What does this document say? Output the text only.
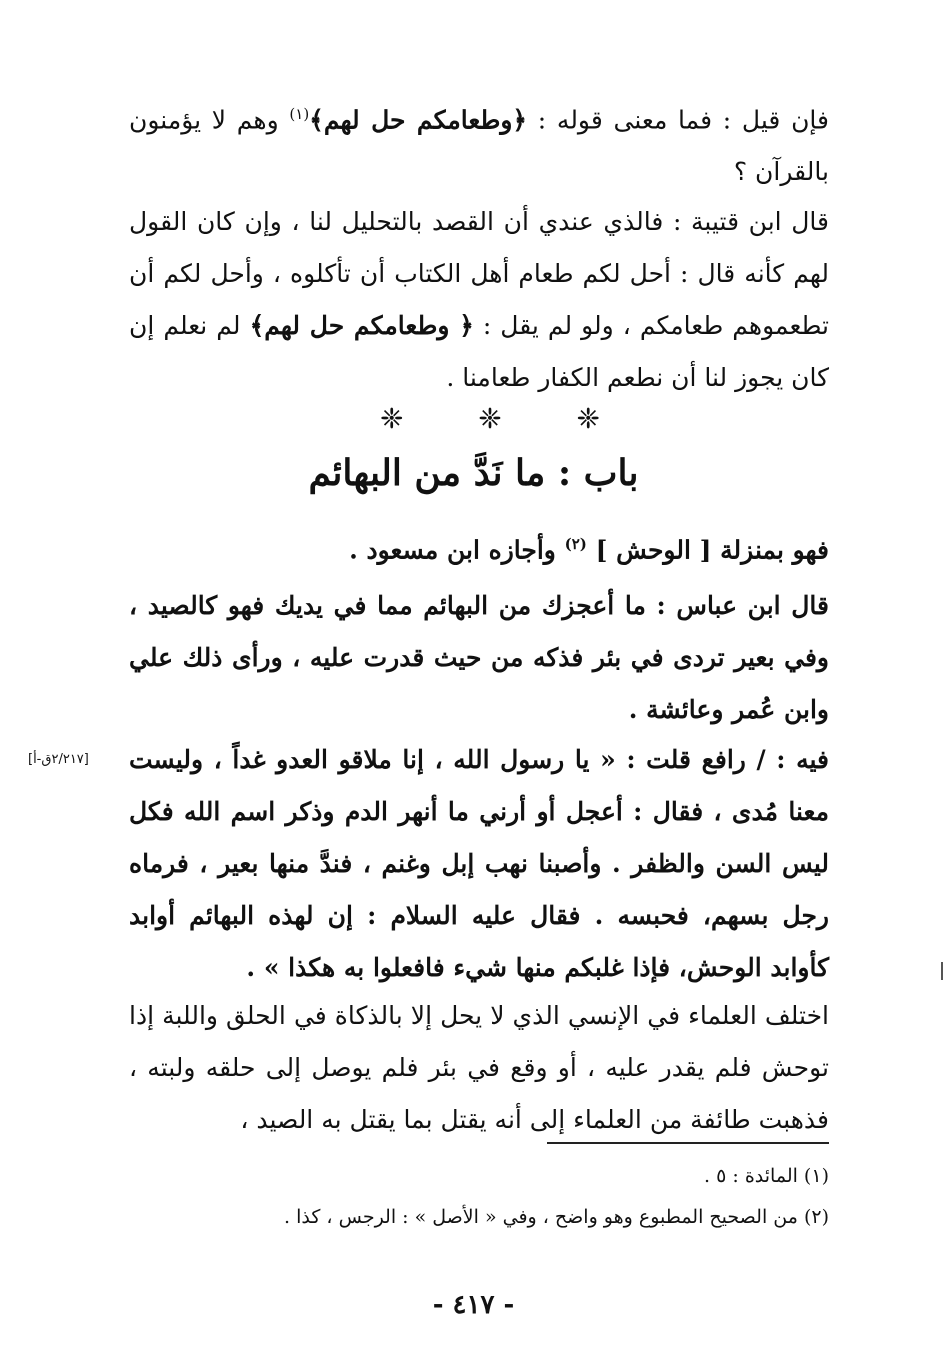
فإن قيل : فما معنى قوله : ﴿وطعامكم حل لهم﴾$^{(١)}$ وهم لا يؤمنون بالقرآن ؟

قال ابن قتيبة : فالذي عندي أن القصد بالتحليل لنا ، وإن كان القول لهم كأنه قال : أحل لكم طعام أهل الكتاب أن تأكلوه ، وأحل لكم أن تطعموهم طعامكم ، ولو لم يقل : ﴿ وطعامكم حل لهم﴾ لم نعلم إن كان يجوز لنا أن نطعم الكفار طعامنا .

❈
❈
❈
باب : ما نَدَّ من البهائم

فهو بمنزلة [ الوحش ] $^{(٢)}$ وأجازه ابن مسعود .

قال ابن عباس : ما أعجزك من البهائم مما في يديك فهو كالصيد ، وفي بعير تردى في بئر فذكه من حيث قدرت عليه ، ورأى ذلك علي وابن عُمر وعائشة .

[٢/٢١٧ق-أ] فيه : / رافع قلت : « يا رسول الله ، إنا ملاقو العدو غداً ، وليست معنا مُدى ، فقال : أعجل أو أرني ما أنهر الدم وذكر اسم الله فكل ليس السن والظفر . وأصبنا نهب إبل وغنم ، فندَّ منها بعير ، فرماه رجل بسهم، فحبسه . فقال عليه السلام : إن لهذه البهائم أوابد كأوابد الوحش، فإذا غلبكم منها شيء فافعلوا به هكذا » .

اختلف العلماء في الإنسي الذي لا يحل إلا بالذكاة في الحلق واللبة إذا توحش فلم يقدر عليه ، أو وقع في بئر فلم يوصل إلى حلقه ولبته ، فذهبت طائفة من العلماء إلى أنه يقتل بما يقتل به الصيد ،

(١) المائدة : ٥ .
(٢) من الصحيح المطبوع وهو واضح ، وفي « الأصل » : الرجس ، كذا .
- ٤١٧ -
